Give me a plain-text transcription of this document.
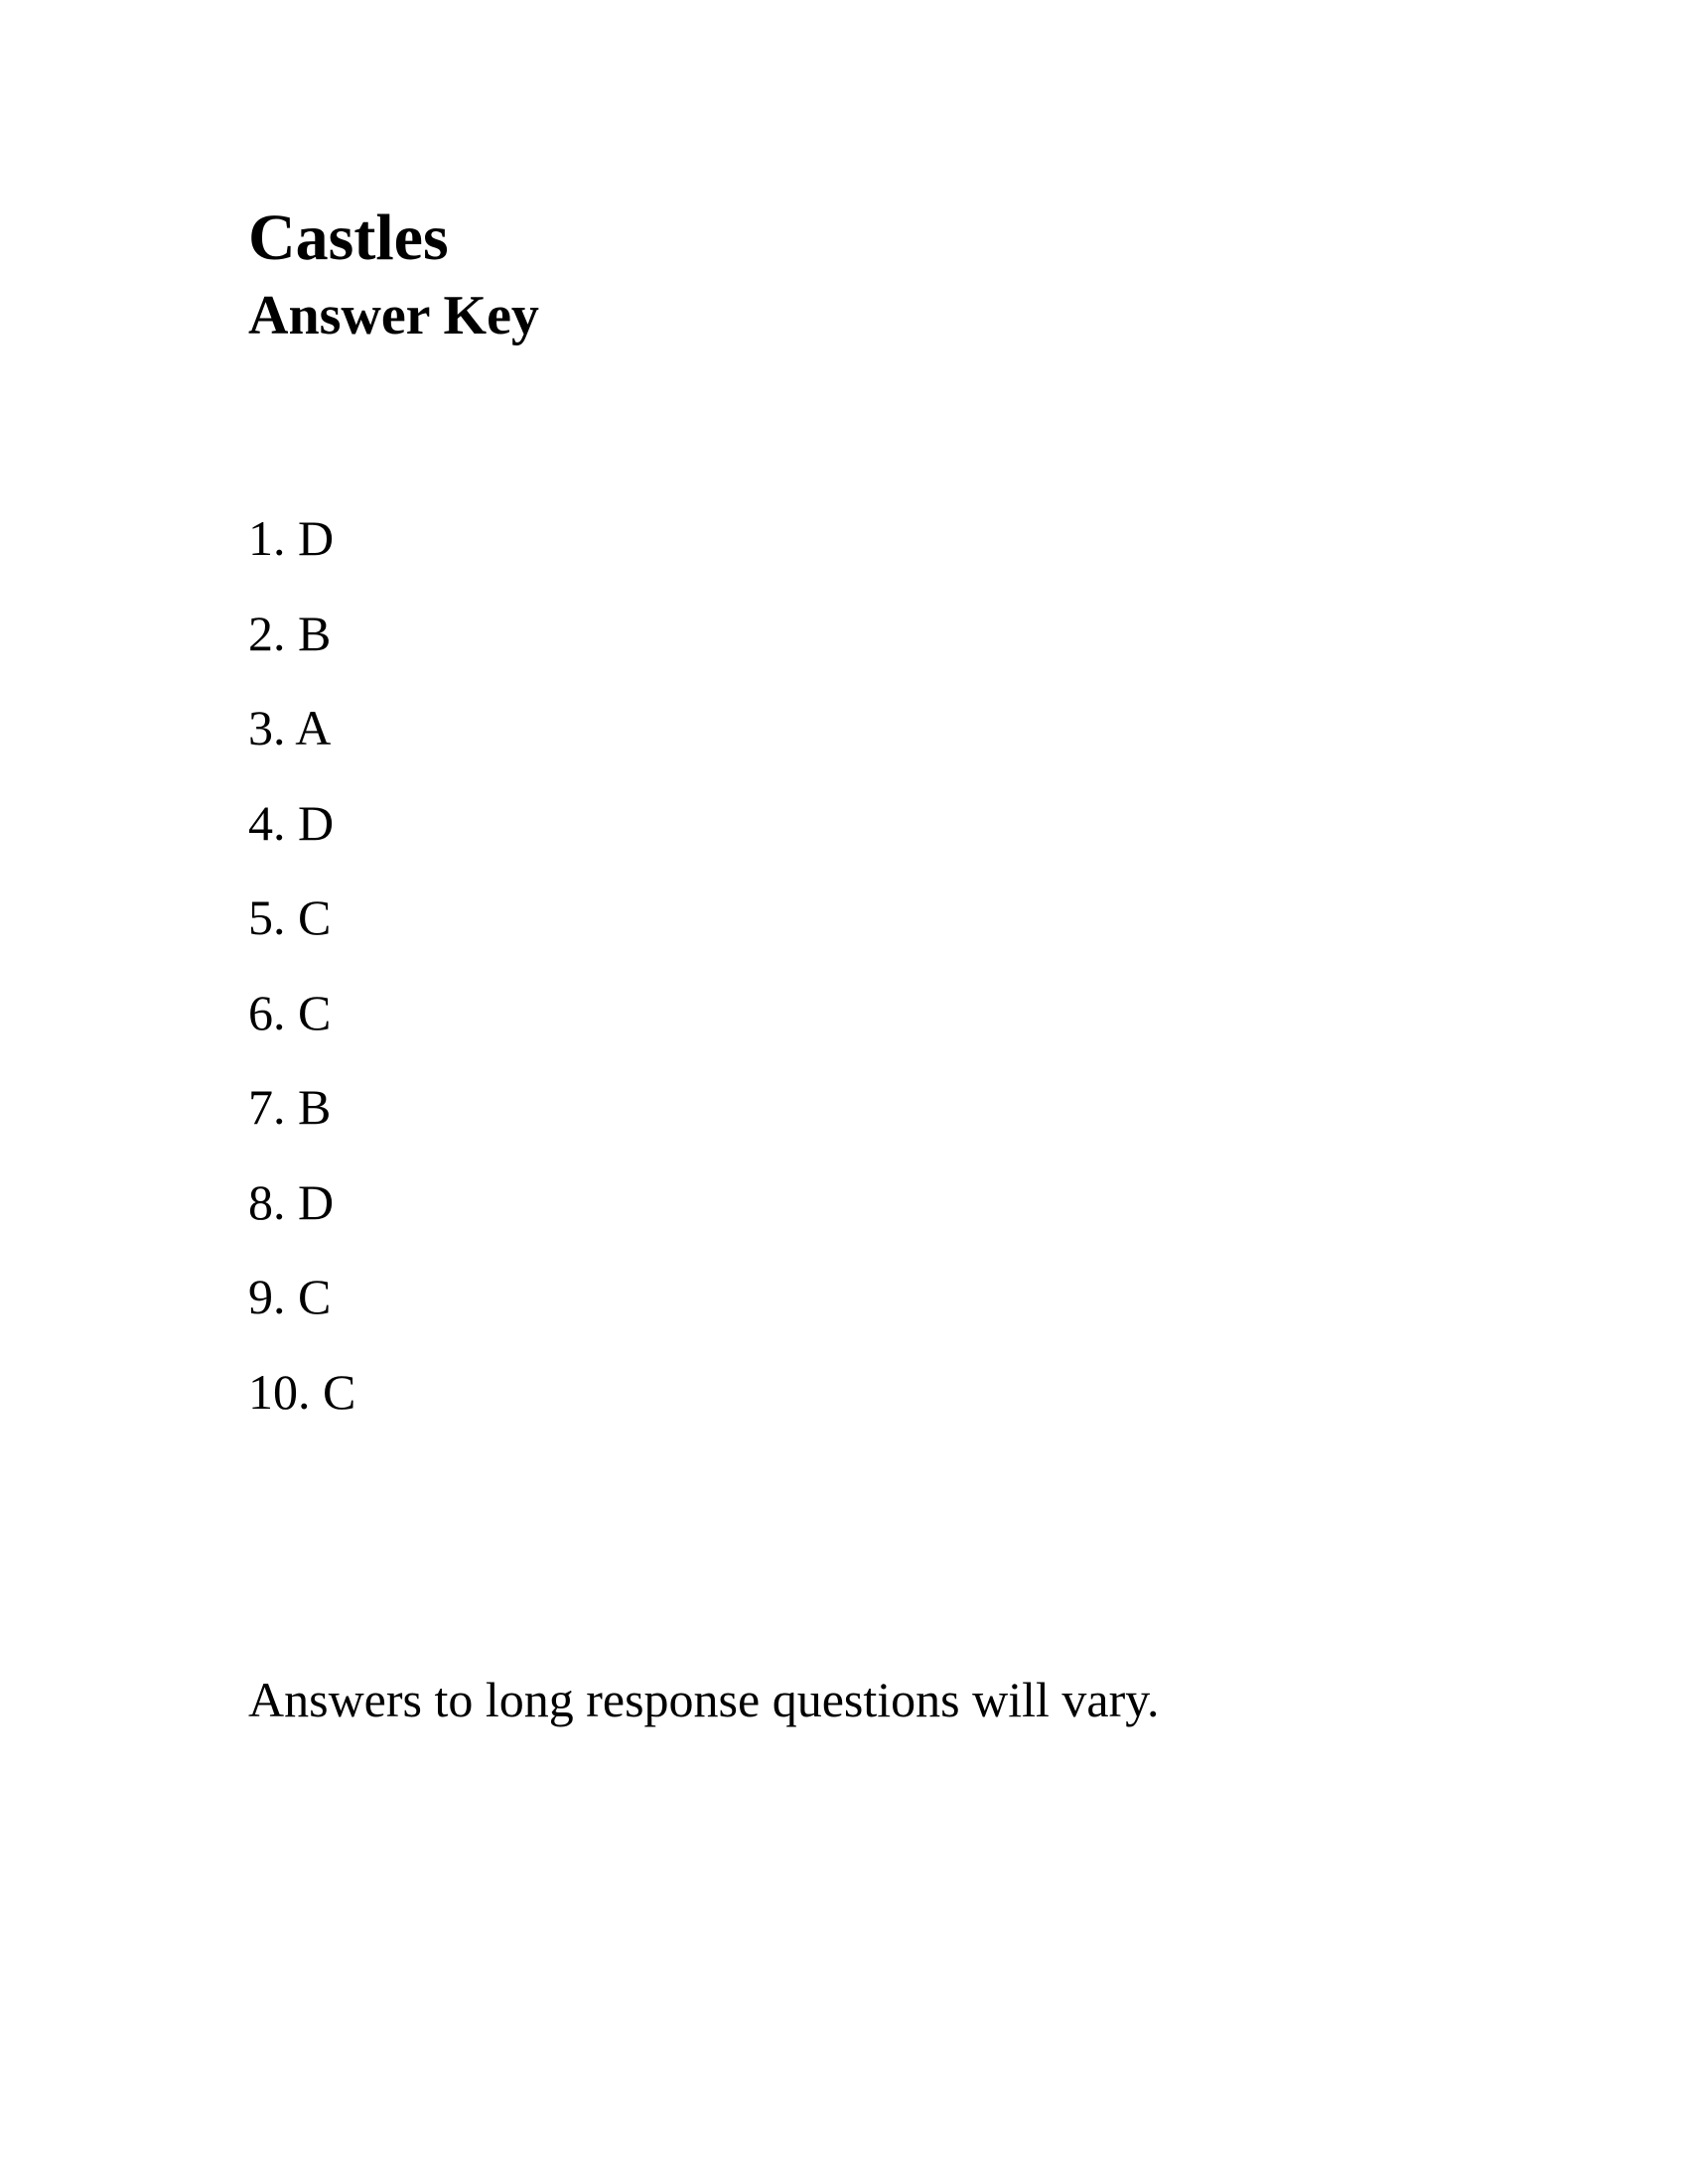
Castles
Answer Key
1. D
2. B
3. A
4. D
5. C
6. C
7. B
8. D
9. C
10. C

Answers to long response questions will vary.
